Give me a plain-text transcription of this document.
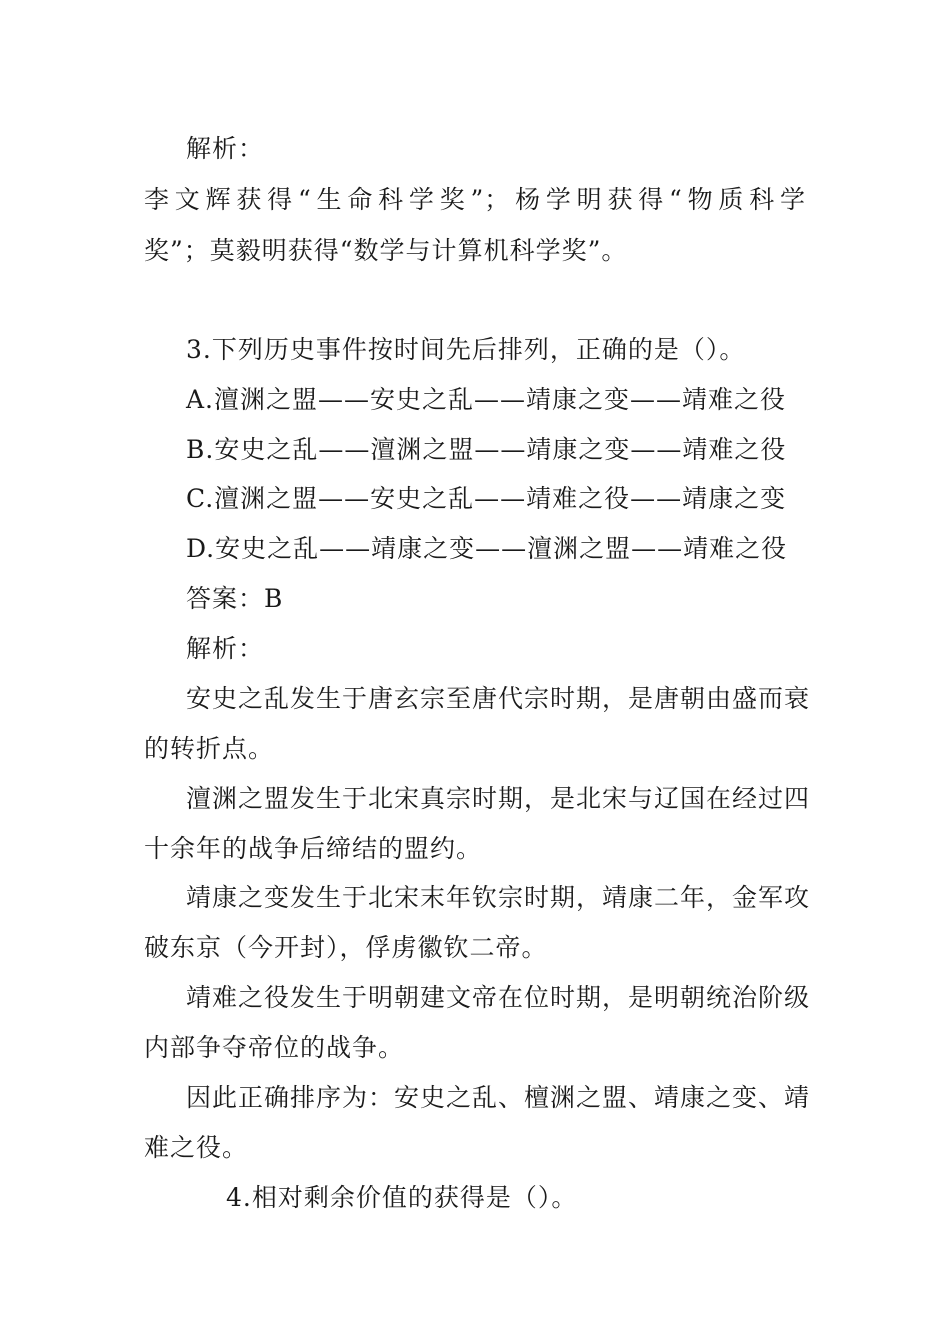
解析：
李文辉获得“生命科学奖”；杨学明获得“物质科学
奖”；莫毅明获得“数学与计算机科学奖”。
3.下列历史事件按时间先后排列，正确的是（）。
A.澶渊之盟——安史之乱——靖康之变——靖难之役
B.安史之乱——澶渊之盟——靖康之变——靖难之役
C.澶渊之盟——安史之乱——靖难之役——靖康之变
D.安史之乱——靖康之变——澶渊之盟——靖难之役
答案：B
解析：
安史之乱发生于唐玄宗至唐代宗时期，是唐朝由盛而衰
的转折点。
澶渊之盟发生于北宋真宗时期，是北宋与辽国在经过四
十余年的战争后缔结的盟约。
靖康之变发生于北宋末年钦宗时期，靖康二年，金军攻
破东京（今开封），俘虏徽钦二帝。
靖难之役发生于明朝建文帝在位时期，是明朝统治阶级
内部争夺帝位的战争。
因此正确排序为：安史之乱、檀渊之盟、靖康之变、靖
难之役。
4.相对剩余价值的获得是（）。
